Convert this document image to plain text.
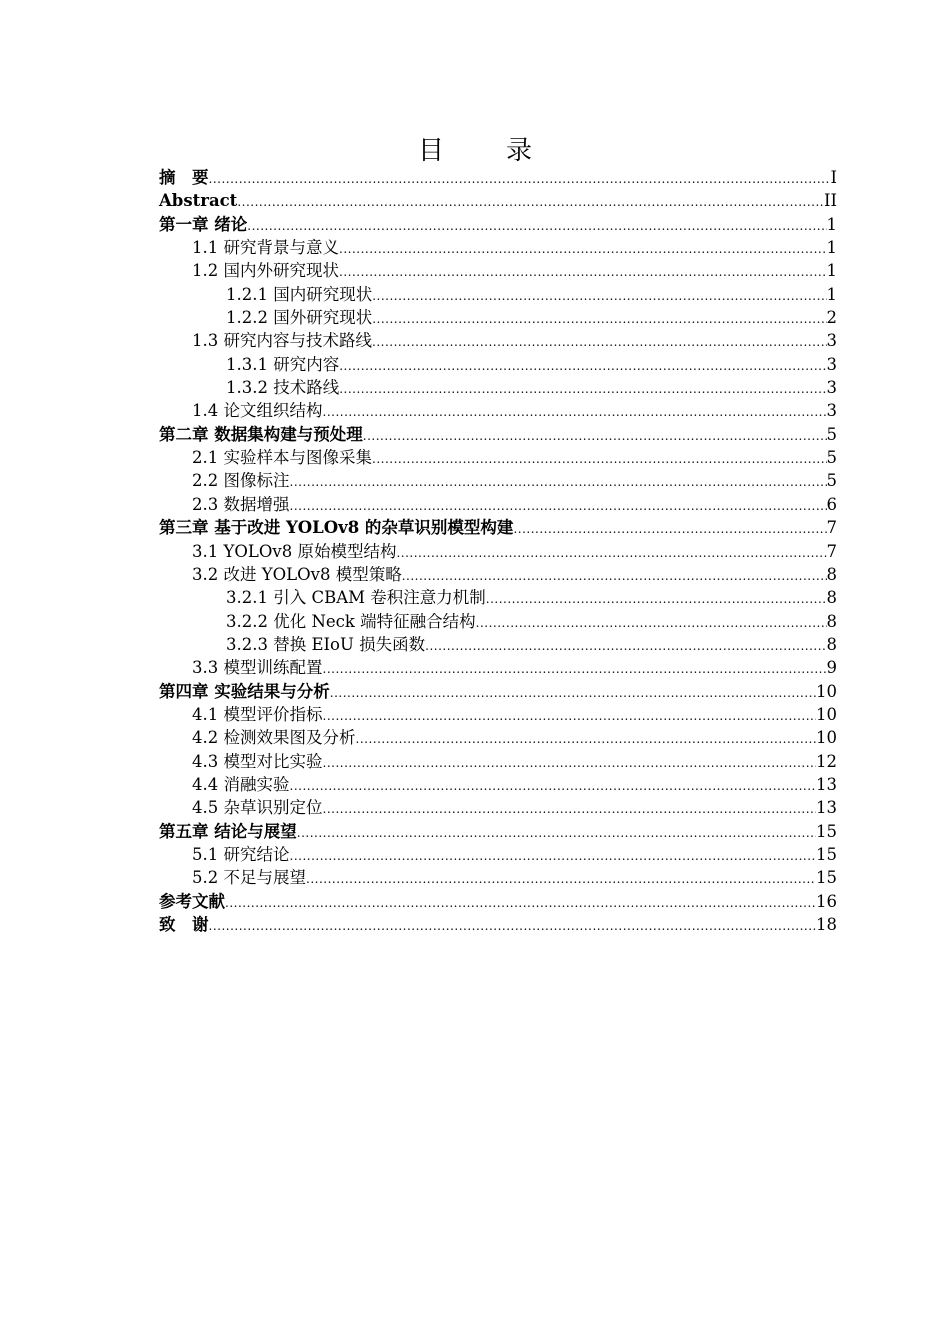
目　录
摘　要 .....	I
Abstract .....	II
第一章 绪论 .....	1
1.1 研究背景与意义 .....	1
1.2 国内外研究现状 .....	1
1.2.1 国内研究现状 .....	1
1.2.2 国外研究现状 .....	2
1.3 研究内容与技术路线 .....	3
1.3.1 研究内容 .....	3
1.3.2 技术路线 .....	3
1.4 论文组织结构 .....	3
第二章 数据集构建与预处理 .....	5
2.1 实验样本与图像采集 .....	5
2.2 图像标注 .....	5
2.3 数据增强 .....	6
第三章 基于改进 YOLOv8 的杂草识别模型构建 .....	7
3.1 YOLOv8 原始模型结构 .....	7
3.2 改进 YOLOv8 模型策略 .....	8
3.2.1 引入 CBAM 卷积注意力机制 .....	8
3.2.2 优化 Neck 端特征融合结构 .....	8
3.2.3 替换 EIoU 损失函数 .....	8
3.3 模型训练配置 .....	9
第四章 实验结果与分析 .....	10
4.1 模型评价指标 .....	10
4.2 检测效果图及分析 .....	10
4.3 模型对比实验 .....	12
4.4 消融实验 .....	13
4.5 杂草识别定位 .....	13
第五章 结论与展望 .....	15
5.1 研究结论 .....	15
5.2 不足与展望 .....	15
参考文献 .....	16
致　谢 .....	18
